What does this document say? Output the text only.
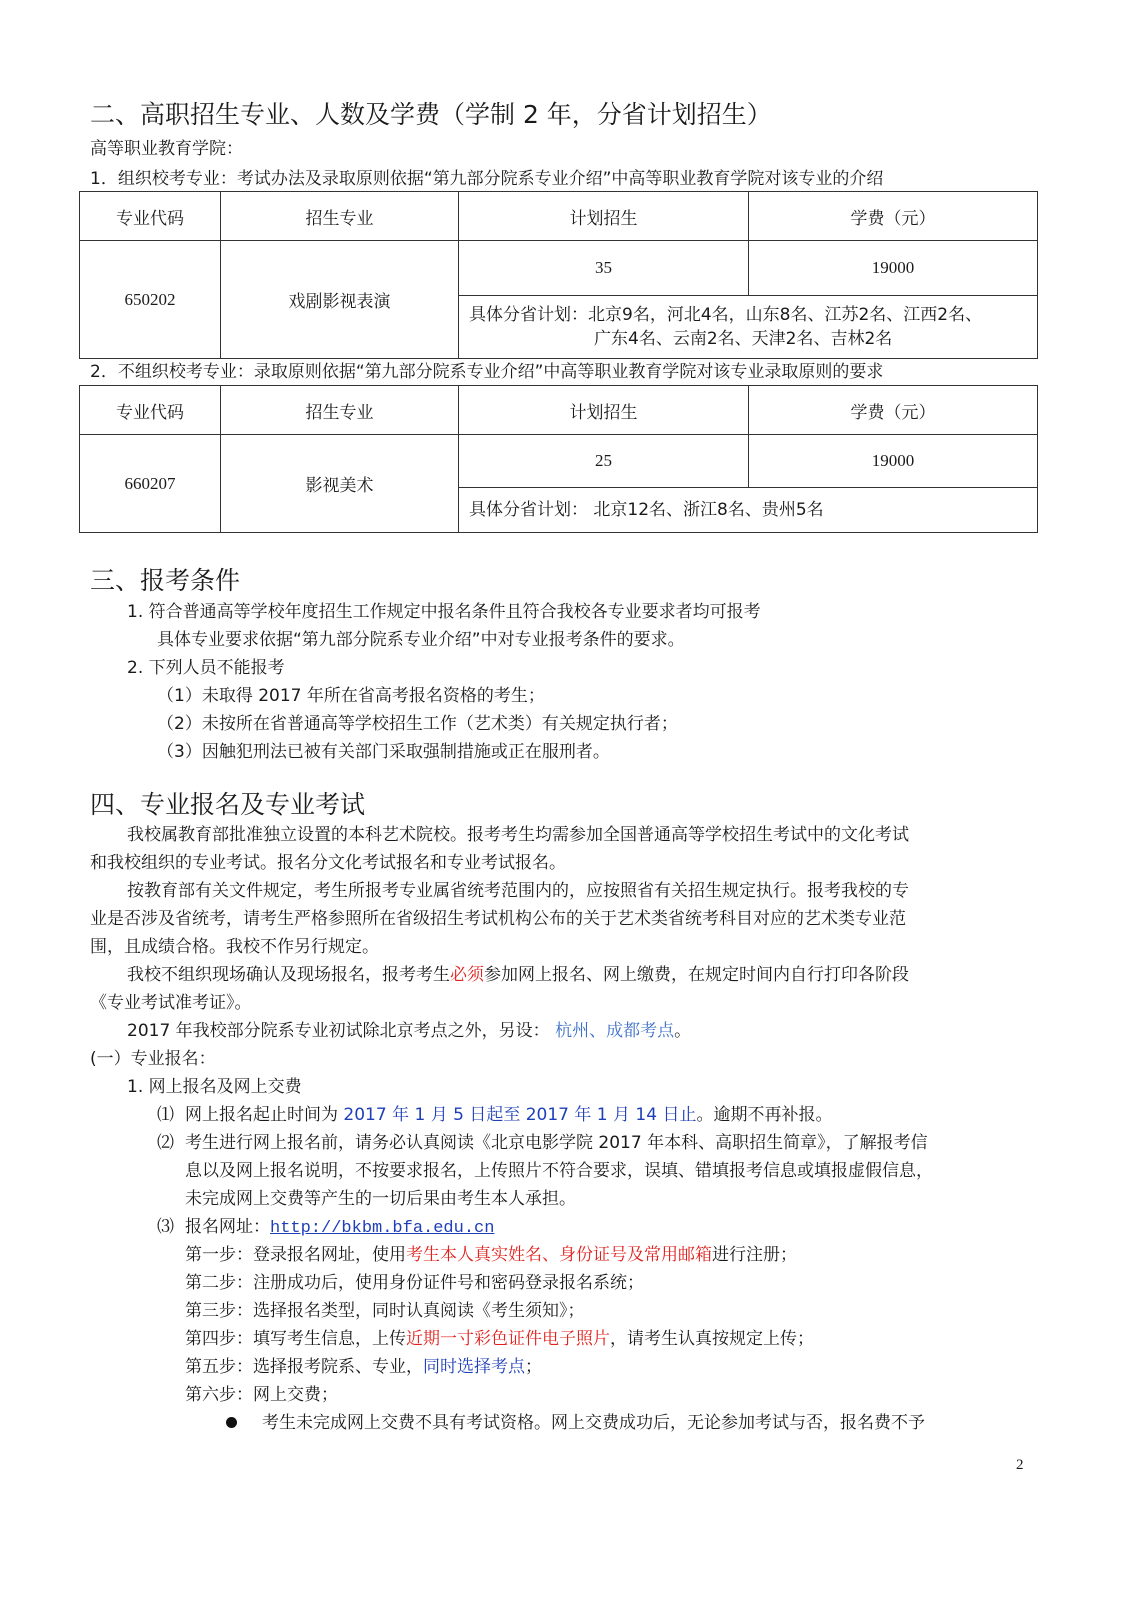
二、高职招生专业、人数及学费（学制 2 年，分省计划招生）
高等职业教育学院：
1．组织校考专业：考试办法及录取原则依据“第九部分院系专业介绍”中高等职业教育学院对该专业的介绍
专业代码	招生专业	计划招生	学费（元）
650202	戏剧影视表演	35	19000

		具体分省计划：北京9名，河北4名，山东8名、江苏2名、江西2名、
广东4名、云南2名、天津2名、吉林2名	
2．不组织校考专业：录取原则依据“第九部分院系专业介绍”中高等职业教育学院对该专业录取原则的要求
专业代码	招生专业	计划招生	学费（元）
660207	影视美术	25	19000

		具体分省计划： 北京12名、浙江8名、贵州5名	
三、报考条件
1. 符合普通高等学校年度招生工作规定中报名条件且符合我校各专业要求者均可报考
具体专业要求依据“第九部分院系专业介绍”中对专业报考条件的要求。
2. 下列人员不能报考
（1）未取得 2017 年所在省高考报名资格的考生；
（2）未按所在省普通高等学校招生工作（艺术类）有关规定执行者；
（3）因触犯刑法已被有关部门采取强制措施或正在服刑者。
四、专业报名及专业考试
我校属教育部批准独立设置的本科艺术院校。报考考生均需参加全国普通高等学校招生考试中的文化考试
和我校组织的专业考试。报名分文化考试报名和专业考试报名。
按教育部有关文件规定，考生所报考专业属省统考范围内的，应按照省有关招生规定执行。报考我校的专
业是否涉及省统考，请考生严格参照所在省级招生考试机构公布的关于艺术类省统考科目对应的艺术类专业范
围，且成绩合格。我校不作另行规定。
我校不组织现场确认及现场报名，报考考生必须参加网上报名、网上缴费，在规定时间内自行打印各阶段
《专业考试准考证》。
2017 年我校部分院系专业初试除北京考点之外，另设： 杭州、成都考点。
(一）专业报名：
1. 网上报名及网上交费
⑴ 网上报名起止时间为 2017 年 1 月 5 日起至 2017 年 1 月 14 日止。逾期不再补报。
⑵ 考生进行网上报名前，请务必认真阅读《北京电影学院 2017 年本科、高职招生简章》，了解报考信
息以及网上报名说明，不按要求报名，上传照片不符合要求，误填、错填报考信息或填报虚假信息，
未完成网上交费等产生的一切后果由考生本人承担。
⑶ 报名网址：http://bkbm.bfa.edu.cn
第一步：登录报名网址，使用考生本人真实姓名、身份证号及常用邮箱进行注册；
第二步：注册成功后，使用身份证件号和密码登录报名系统；
第三步：选择报名类型，同时认真阅读《考生须知》；
第四步：填写考生信息，上传近期一寸彩色证件电子照片，请考生认真按规定上传；
第五步：选择报考院系、专业，同时选择考点；
第六步：网上交费；
考生未完成网上交费不具有考试资格。网上交费成功后，无论参加考试与否，报名费不予
2
